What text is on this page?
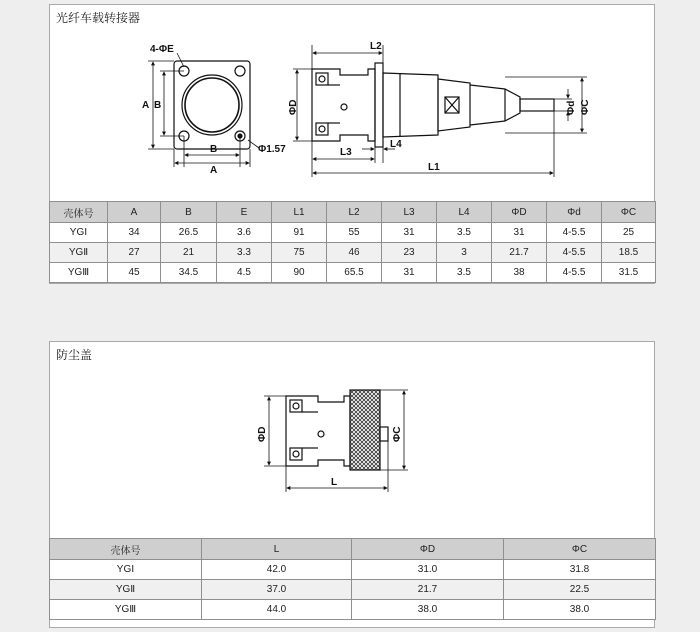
光纤车载转接器
4-ΦE
A B
B
A
Φ1.57
L2
ΦD	Φd ΦC
L3
L4
L1
壳体号	A	B	E	L1	L2	L3	L4	ΦD	Φd	ΦC
YGⅠ	34	26.5	3.6	91	55	31	3.5	31	4-5.5	25
YGⅡ	27	21	3.3	75	46	23	3	21.7	4-5.5	18.5
YGⅢ	45	34.5	4.5	90	65.5	31	3.5	38	4-5.5	31.5
防尘盖
ΦD	ΦC
L
壳体号	L	ΦD	ΦC
YGⅠ	42.0	31.0	31.8
YGⅡ	37.0	21.7	22.5
YGⅢ	44.0	38.0	38.0
